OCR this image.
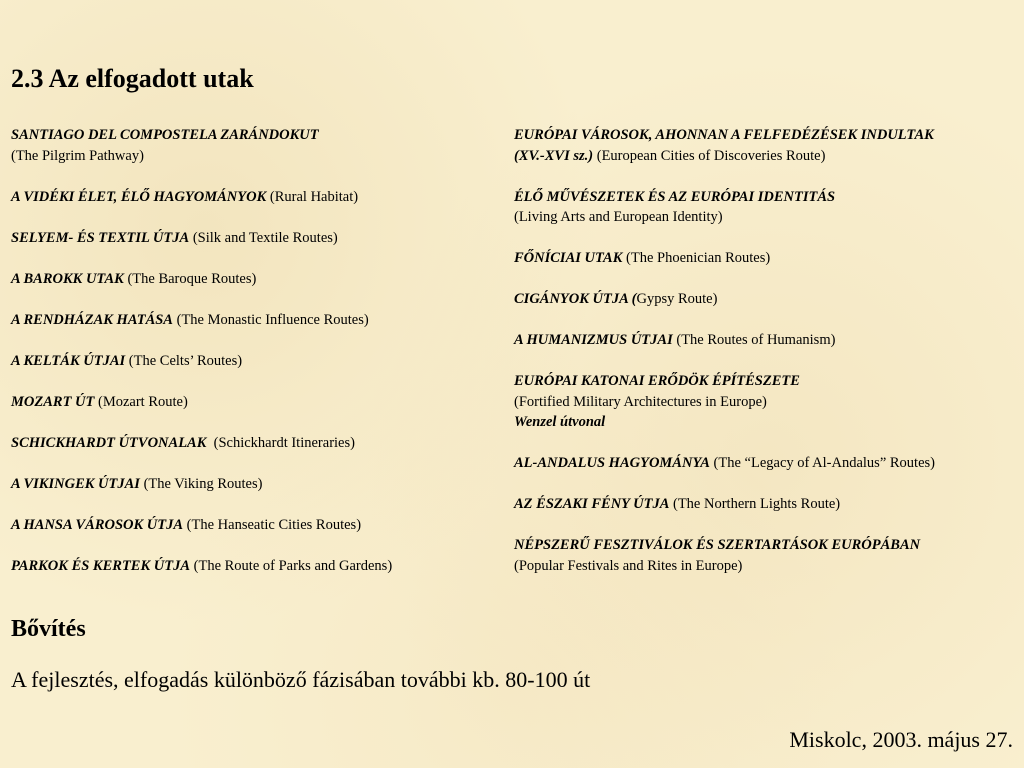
2.3 Az elfogadott utak
SANTIAGO DEL COMPOSTELA ZARÁNDOKUT
(The Pilgrim Pathway)
A VIDÉKI ÉLET, ÉLŐ HAGYOMÁNYOK (Rural Habitat)
SELYEM- ÉS TEXTIL ÚTJA (Silk and Textile Routes)
A BAROKK UTAK (The Baroque Routes)
A RENDHÁZAK HATÁSA (The Monastic Influence Routes)
A KELTÁK ÚTJAI (The Celts’ Routes)
MOZART ÚT (Mozart Route)
SCHICKHARDT ÚTVONALAK (Schickhardt Itineraries)
A VIKINGEK ÚTJAI (The Viking Routes)
A HANSA VÁROSOK ÚTJA (The Hanseatic Cities Routes)
PARKOK ÉS KERTEK ÚTJA (The Route of Parks and Gardens)
EURÓPAI VÁROSOK, AHONNAN A FELFEDÉZÉSEK INDULTAK
(XV.-XVI sz.) (European Cities of Discoveries Route)
ÉLŐ MŰVÉSZETEK ÉS AZ EURÓPAI IDENTITÁS
(Living Arts and European Identity)
FŐNÍCIAI UTAK (The Phoenician Routes)
CIGÁNYOK ÚTJA (Gypsy Route)
A HUMANIZMUS ÚTJAI (The Routes of Humanism)
EURÓPAI KATONAI ERŐDÖK ÉPÍTÉSZETE
(Fortified Military Architectures in Europe)
Wenzel útvonal
AL-ANDALUS HAGYOMÁNYA (The “Legacy of Al-Andalus” Routes)
AZ ÉSZAKI FÉNY ÚTJA (The Northern Lights Route)
NÉPSZERŰ FESZTIVÁLOK ÉS SZERTARTÁSOK EURÓPÁBAN
(Popular Festivals and Rites in Europe)
Bővítés
A fejlesztés, elfogadás különböző fázisában további kb. 80-100 út
Miskolc, 2003. május 27.
